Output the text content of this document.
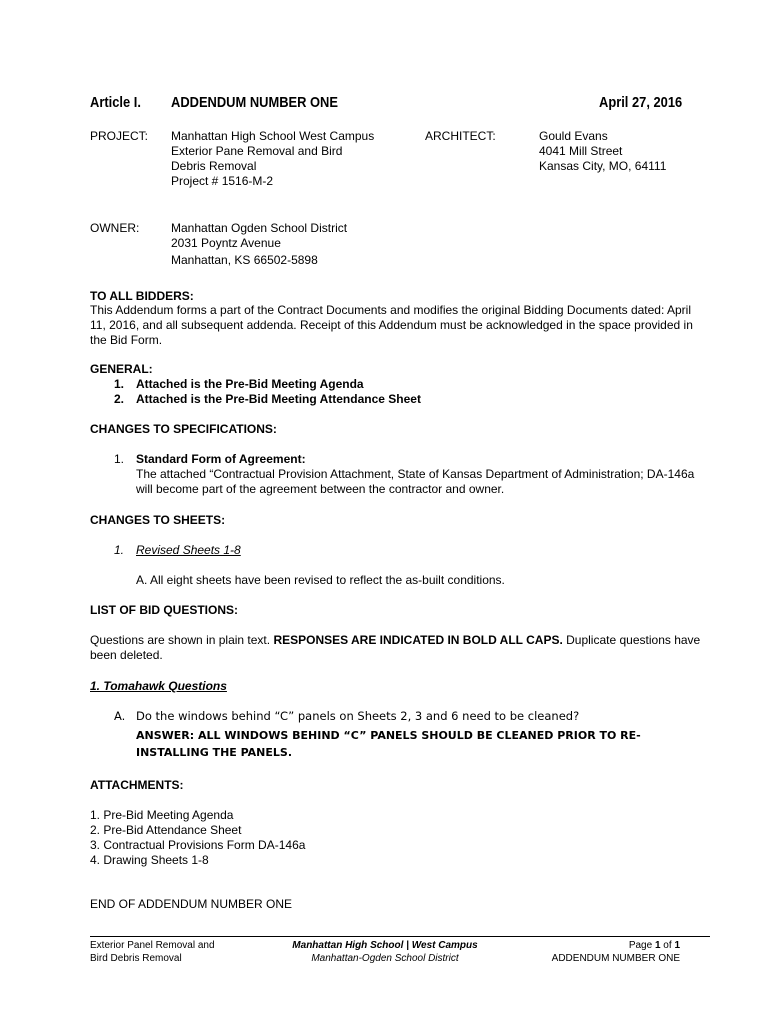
Article I. ADDENDUM NUMBER ONE	April 27, 2016
PROJECT: Manhattan High School West Campus
Exterior Pane Removal and Bird
Debris Removal
Project # 1516-M-2
ARCHITECT:	Gould Evans
4041 Mill Street
Kansas City, MO, 64111
OWNER:	Manhattan Ogden School District
2031 Poyntz Avenue
Manhattan, KS 66502-5898
TO ALL BIDDERS:
This Addendum forms a part of the Contract Documents and modifies the original Bidding Documents dated: April 11, 2016, and all subsequent addenda. Receipt of this Addendum must be acknowledged in the space provided in the Bid Form.
GENERAL:
1. Attached is the Pre-Bid Meeting Agenda
2. Attached is the Pre-Bid Meeting Attendance Sheet
CHANGES TO SPECIFICATIONS:
1. Standard Form of Agreement:
The attached “Contractual Provision Attachment, State of Kansas Department of Administration; DA-146a will become part of the agreement between the contractor and owner.
CHANGES TO SHEETS:
1. Revised Sheets 1-8
A. All eight sheets have been revised to reflect the as-built conditions.
LIST OF BID QUESTIONS:
Questions are shown in plain text. RESPONSES ARE INDICATED IN BOLD ALL CAPS. Duplicate questions have been deleted.
1. Tomahawk Questions
A. Do the windows behind “C” panels on Sheets 2, 3 and 6 need to be cleaned?
ANSWER: ALL WINDOWS BEHIND “C” PANELS SHOULD BE CLEANED PRIOR TO RE-INSTALLING THE PANELS.
ATTACHMENTS:
1. Pre-Bid Meeting Agenda
2. Pre-Bid Attendance Sheet
3. Contractual Provisions Form DA-146a
4. Drawing Sheets 1-8
END OF ADDENDUM NUMBER ONE
Exterior Panel Removal and
Bird Debris Removal
Manhattan High School | West Campus
Manhattan-Ogden School District
Page 1 of 1
ADDENDUM NUMBER ONE
